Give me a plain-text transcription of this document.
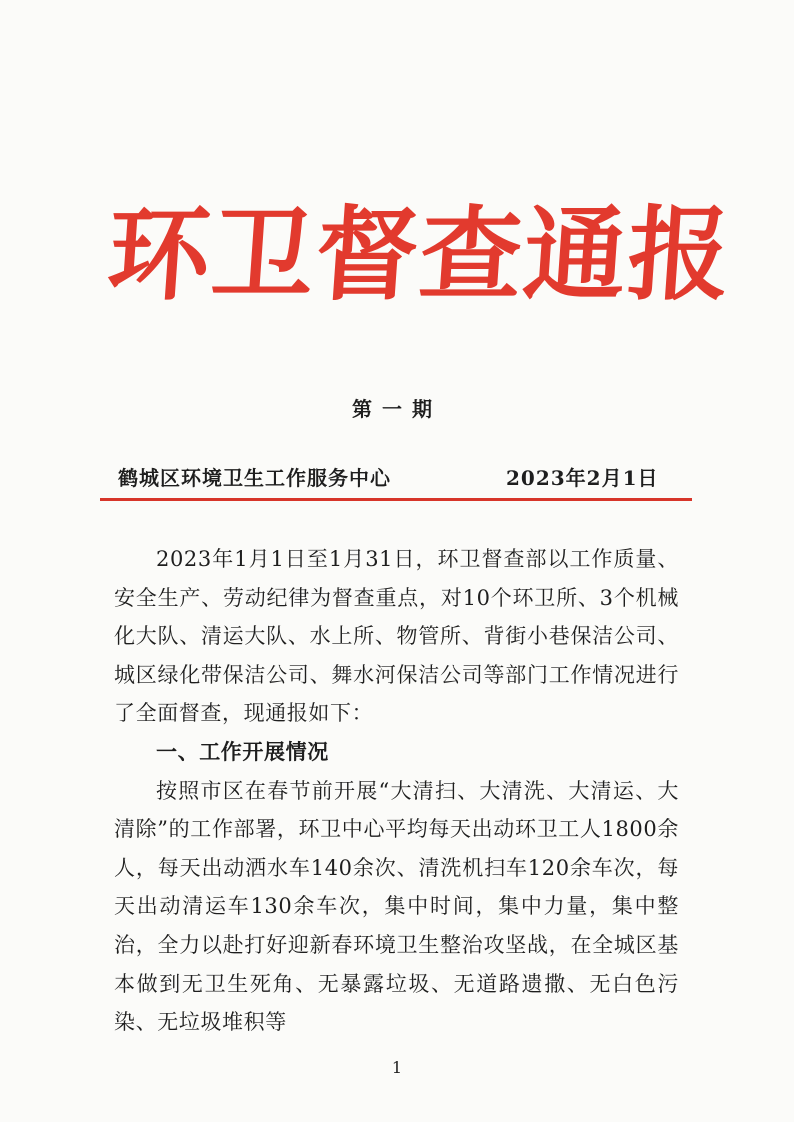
环卫督查通报
第一期
鹤城区环境卫生工作服务中心	2023年2月1日

2023年1月1日至1月31日，环卫督查部以工作质量、安全生产、劳动纪律为督查重点，对10个环卫所、3个机械化大队、清运大队、水上所、物管所、背街小巷保洁公司、城区绿化带保洁公司、舞水河保洁公司等部门工作情况进行了全面督查，现通报如下：

一、工作开展情况

按照市区在春节前开展“大清扫、大清洗、大清运、大清除”的工作部署，环卫中心平均每天出动环卫工人1800余人，每天出动洒水车140余次、清洗机扫车120余车次，每天出动清运车130余车次，集中时间，集中力量，集中整治，全力以赴打好迎新春环境卫生整治攻坚战，在全城区基本做到无卫生死角、无暴露垃圾、无道路遗撒、无白色污染、无垃圾堆积等

1
